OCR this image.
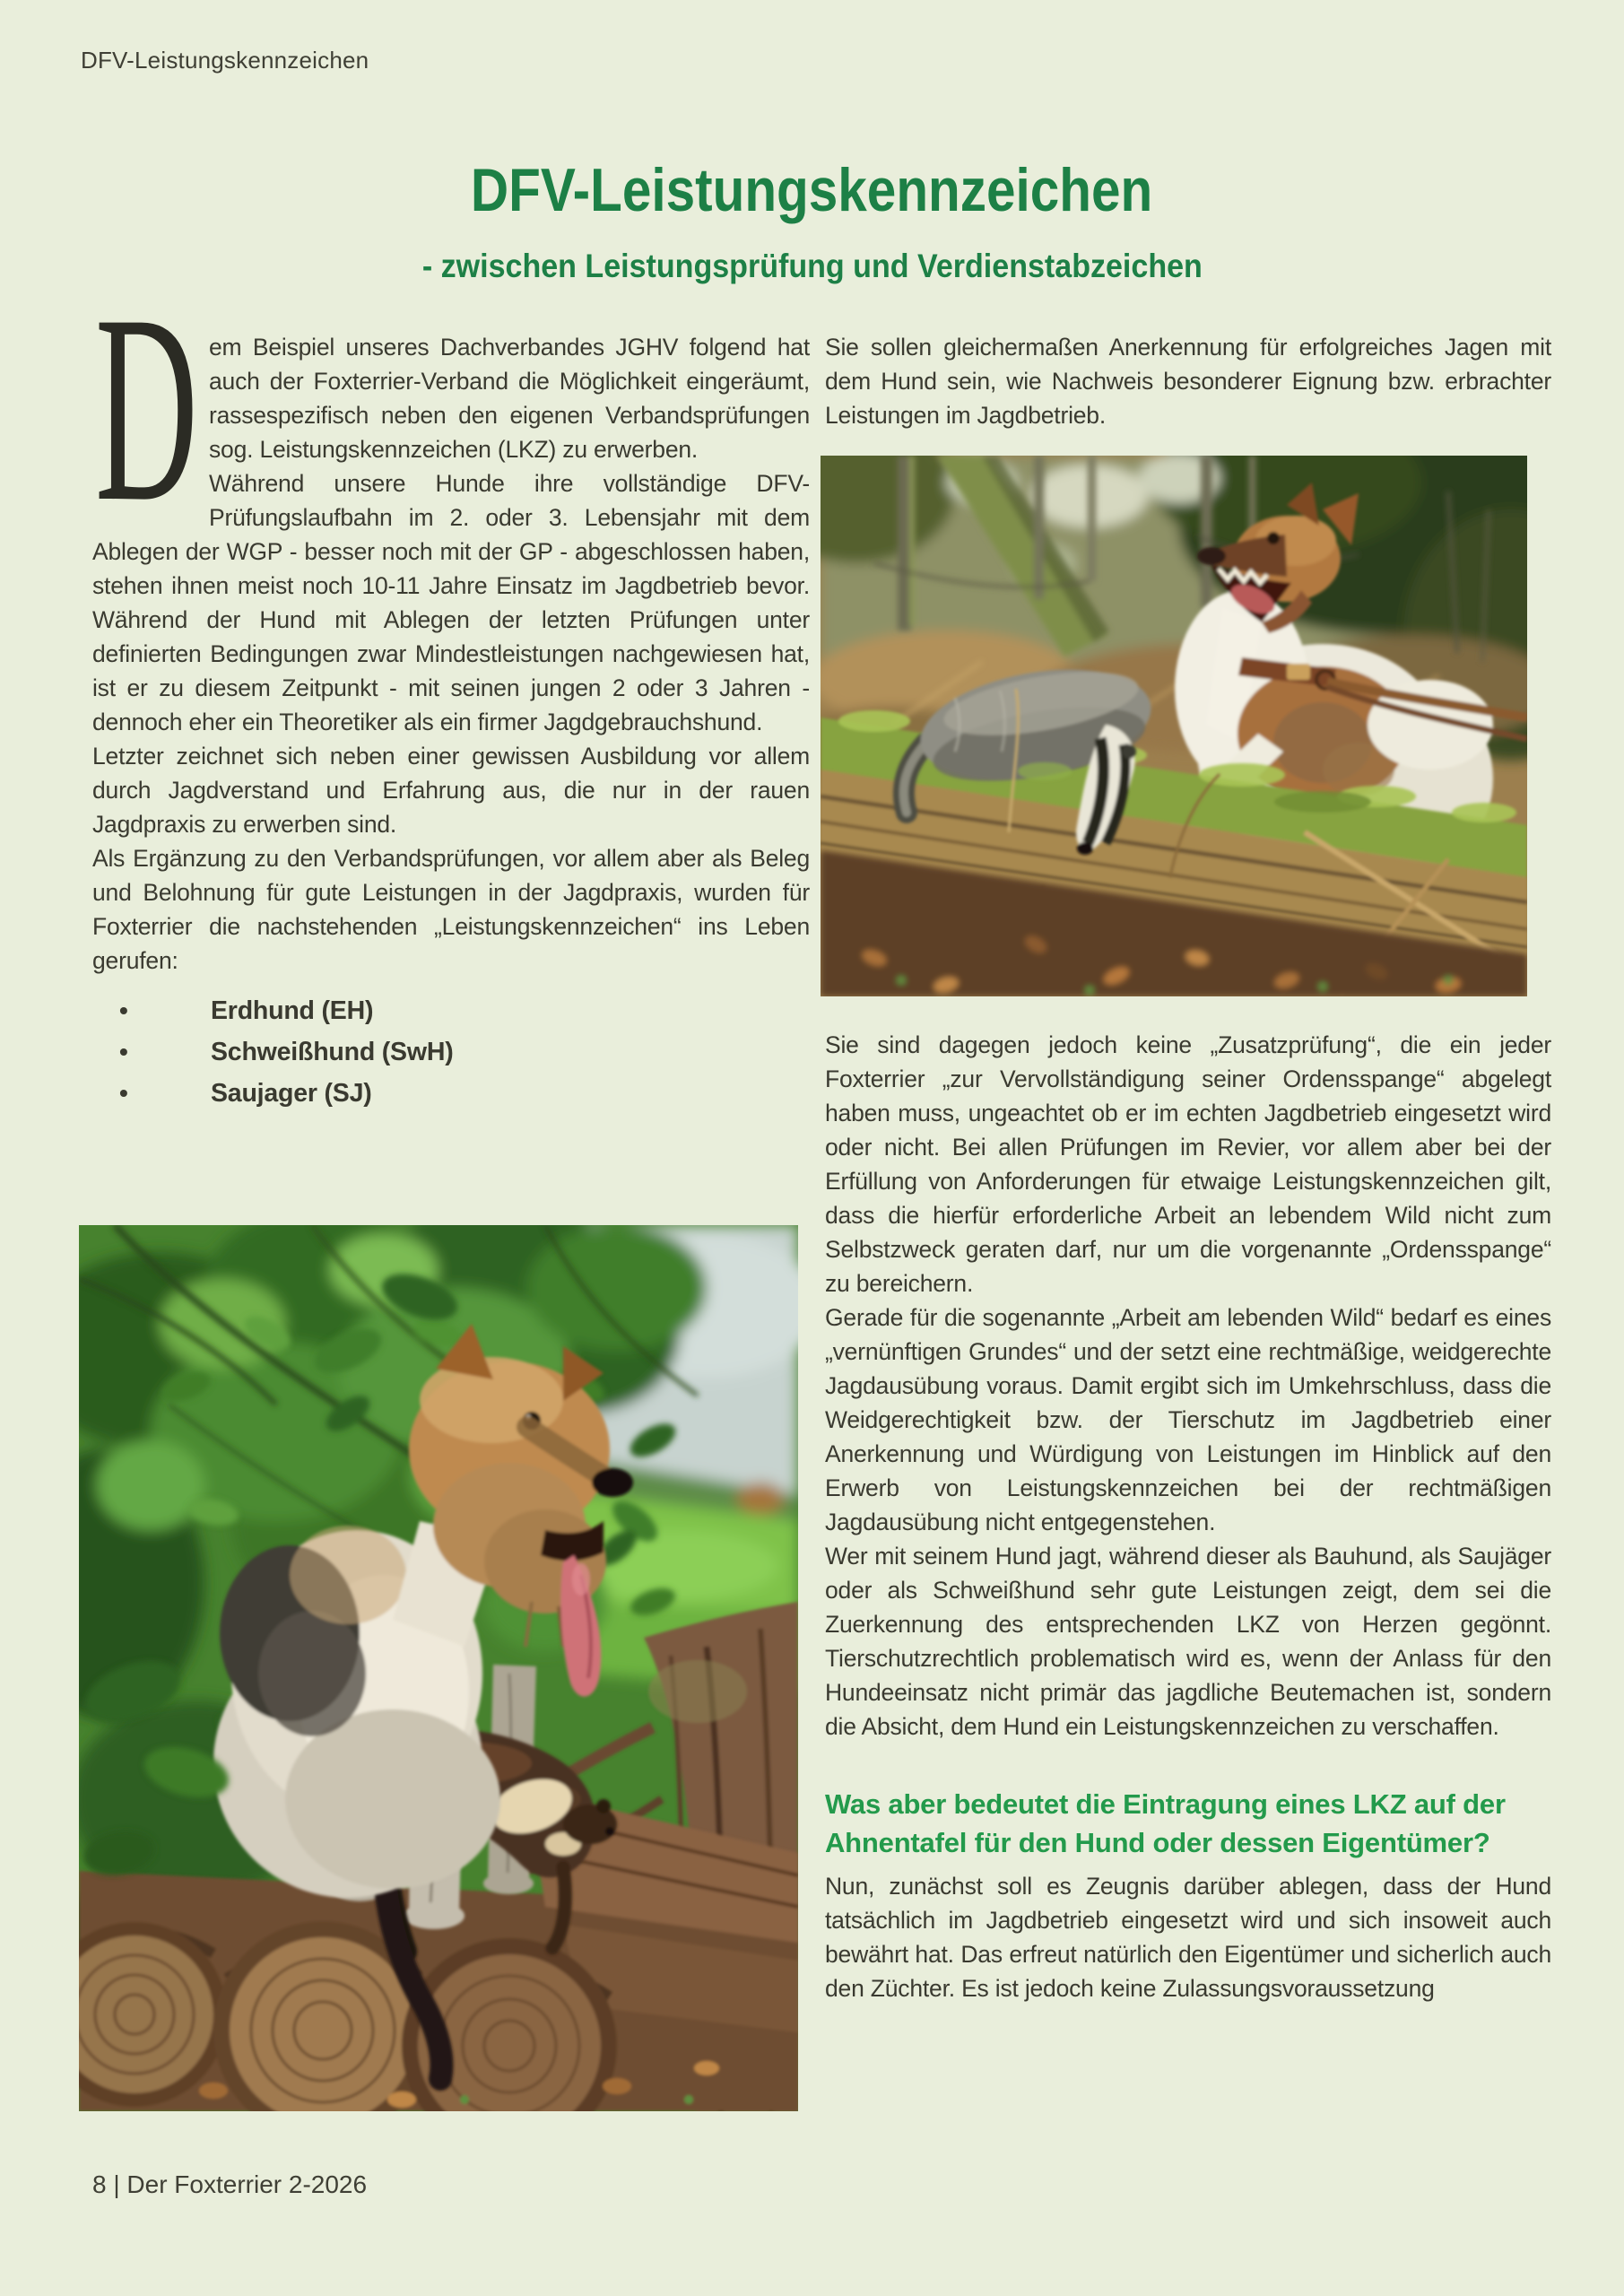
DFV-Leistungskennzeichen
DFV-Leistungskennzeichen
- zwischen Leistungsprüfung und Verdienstabzeichen
D em Beispiel unseres Dachverbandes JGHV folgend hat auch der Foxterrier-Verband die Möglichkeit eingeräumt, rassespezifisch neben den eigenen Verbandsprüfungen sog. Leistungskennzeichen (LKZ) zu erwerben.

Während unsere Hunde ihre vollständige DFV-Prüfungslaufbahn im 2. oder 3. Lebensjahr mit dem Ablegen der WGP - besser noch mit der GP - abgeschlossen haben, stehen ihnen meist noch 10-11 Jahre Einsatz im Jagdbetrieb bevor. Während der Hund mit Ablegen der letzten Prüfungen unter definierten Bedingungen zwar Mindestleistungen nachgewiesen hat, ist er zu diesem Zeitpunkt - mit seinen jungen 2 oder 3 Jahren - dennoch eher ein Theoretiker als ein firmer Jagdgebrauchshund.

Letzter zeichnet sich neben einer gewissen Ausbildung vor allem durch Jagdverstand und Erfahrung aus, die nur in der rauen Jagdpraxis zu erwerben sind.

Als Ergänzung zu den Verbandsprüfungen, vor allem aber als Beleg und Belohnung für gute Leistungen in der Jagdpraxis, wurden für Foxterrier die nachstehenden „Leistungskennzeichen“ ins Leben gerufen:

• Erdhund (EH)
• Schweißhund (SwH)
• Saujager (SJ)

Sie sollen gleichermaßen Anerkennung für erfolgreiches Jagen mit dem Hund sein, wie Nachweis besonderer Eignung bzw. erbrachter Leistungen im Jagdbetrieb.

Sie sind dagegen jedoch keine „Zusatzprüfung“, die ein jeder Foxterrier „zur Vervollständigung seiner Ordensspange“ abgelegt haben muss, ungeachtet ob er im echten Jagdbetrieb eingesetzt wird oder nicht. Bei allen Prüfungen im Revier, vor allem aber bei der Erfüllung von Anforderungen für etwaige Leistungskennzeichen gilt, dass die hierfür erforderliche Arbeit an lebendem Wild nicht zum Selbstzweck geraten darf, nur um die vorgenannte „Ordensspange“ zu bereichern.

Gerade für die sogenannte „Arbeit am lebenden Wild“ bedarf es eines „vernünftigen Grundes“ und der setzt eine rechtmäßige, weidgerechte Jagdausübung voraus. Damit ergibt sich im Umkehrschluss, dass die Weidgerechtigkeit bzw. der Tierschutz im Jagdbetrieb einer Anerkennung und Würdigung von Leistungen im Hinblick auf den Erwerb von Leistungskennzeichen bei der rechtmäßigen Jagdausübung nicht entgegenstehen.

Wer mit seinem Hund jagt, während dieser als Bauhund, als Saujäger oder als Schweißhund sehr gute Leistungen zeigt, dem sei die Zuerkennung des entsprechenden LKZ von Herzen gegönnt. Tierschutzrechtlich problematisch wird es, wenn der Anlass für den Hundeeinsatz nicht primär das jagdliche Beutemachen ist, sondern die Absicht, dem Hund ein Leistungskennzeichen zu verschaffen.

Was aber bedeutet die Eintragung eines LKZ auf der Ahnentafel für den Hund oder dessen Eigentümer?

Nun, zunächst soll es Zeugnis darüber ablegen, dass der Hund tatsächlich im Jagdbetrieb eingesetzt wird und sich insoweit auch bewährt hat. Das erfreut natürlich den Eigentümer und sicherlich auch den Züchter. Es ist jedoch keine Zulassungsvoraussetzung

8 | Der Foxterrier 2-2026
